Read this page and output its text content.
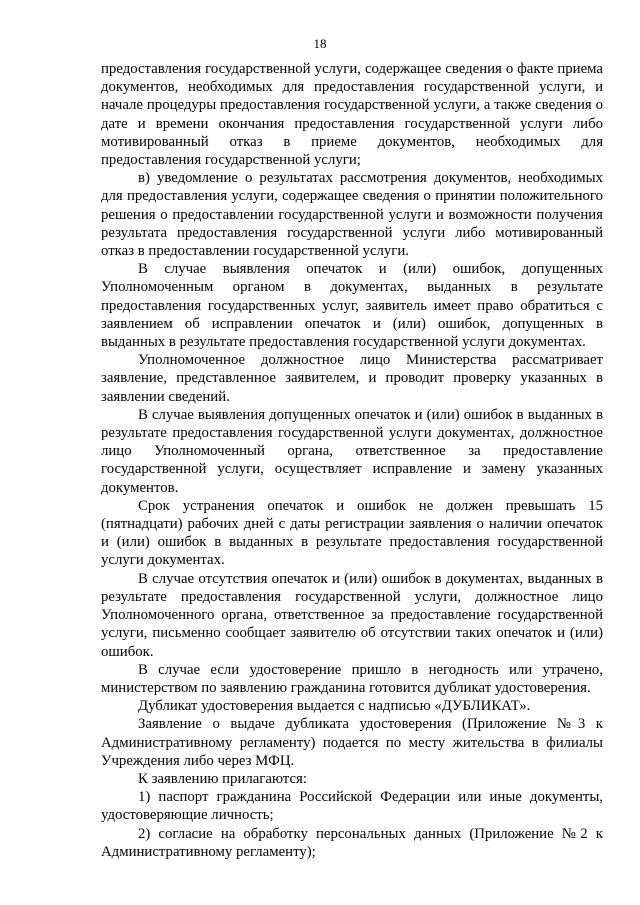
18

предоставления государственной услуги, содержащее сведения о факте приема документов, необходимых для предоставления государственной услуги, и начале процедуры предоставления государственной услуги, а также сведения о дате и времени окончания предоставления государственной услуги либо мотивированный отказ в приеме документов, необходимых для предоставления государственной услуги;

в) уведомление о результатах рассмотрения документов, необходимых для предоставления услуги, содержащее сведения о принятии положительного решения о предоставлении государственной услуги и возможности получения результата предоставления государственной услуги либо мотивированный отказ в предоставлении государственной услуги.

В случае выявления опечаток и (или) ошибок, допущенных Уполномоченным органом в документах, выданных в результате предоставления государственных услуг, заявитель имеет право обратиться с заявлением об исправлении опечаток и (или) ошибок, допущенных в выданных в результате предоставления государственной услуги документах.

Уполномоченное должностное лицо Министерства рассматривает заявление, представленное заявителем, и проводит проверку указанных в заявлении сведений.

В случае выявления допущенных опечаток и (или) ошибок в выданных в результате предоставления государственной услуги документах, должностное лицо Уполномоченный органа, ответственное за предоставление государственной услуги, осуществляет исправление и замену указанных документов.

Срок устранения опечаток и ошибок не должен превышать 15 (пятнадцати) рабочих дней с даты регистрации заявления о наличии опечаток и (или) ошибок в выданных в результате предоставления государственной услуги документах.

В случае отсутствия опечаток и (или) ошибок в документах, выданных в результате предоставления государственной услуги, должностное лицо Уполномоченного органа, ответственное за предоставление государственной услуги, письменно сообщает заявителю об отсутствии таких опечаток и (или) ошибок.

В случае если удостоверение пришло в негодность или утрачено, министерством по заявлению гражданина готовится дубликат удостоверения.

Дубликат удостоверения выдается с надписью «ДУБЛИКАТ».

Заявление о выдаче дубликата удостоверения (Приложение №3 к Административному регламенту) подается по месту жительства в филиалы Учреждения либо через МФЦ.

К заявлению прилагаются:

1) паспорт гражданина Российской Федерации или иные документы, удостоверяющие личность;

2) согласие на обработку персональных данных (Приложение №2 к Административному регламенту);
